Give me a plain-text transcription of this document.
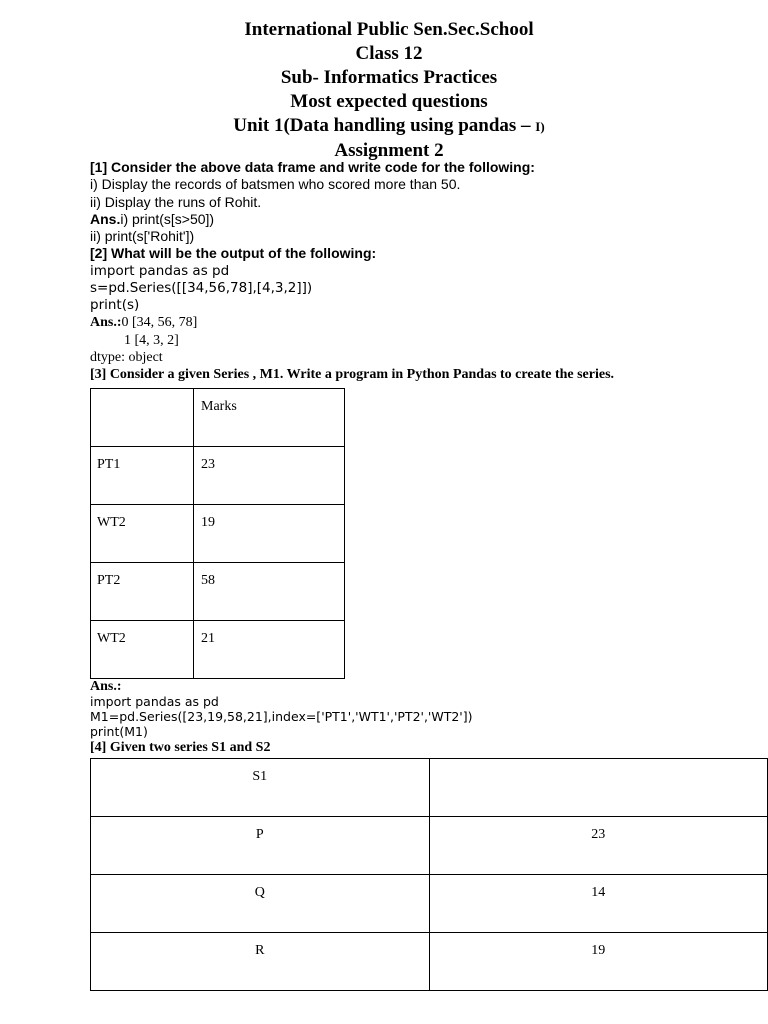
International Public Sen.Sec.School
Class 12
Sub- Informatics Practices
Most expected questions
Unit 1(Data handling using pandas – I)
Assignment 2
[1] Consider the above data frame and write code for the following:
i) Display the records of batsmen who scored more than 50.
ii) Display the runs of Rohit.
Ans.i) print(s[s>50])
ii) print(s['Rohit'])
[2] What will be the output of the following:
import pandas as pd
s=pd.Series([[34,56,78],[4,3,2]])
print(s)
Ans.:0 [34, 56, 78]
1 [4, 3, 2]
dtype: object
[3] Consider a given Series , M1. Write a program in Python Pandas to create the series.

	Marks

PT1	23

WT2	19

PT2	58

WT2	21
Ans.:
import pandas as pd
M1=pd.Series([23,19,58,21],index=['PT1','WT1','PT2','WT2'])
print(M1)
[4] Given two series S1 and S2
S1	

P	23

Q	14

R	19
